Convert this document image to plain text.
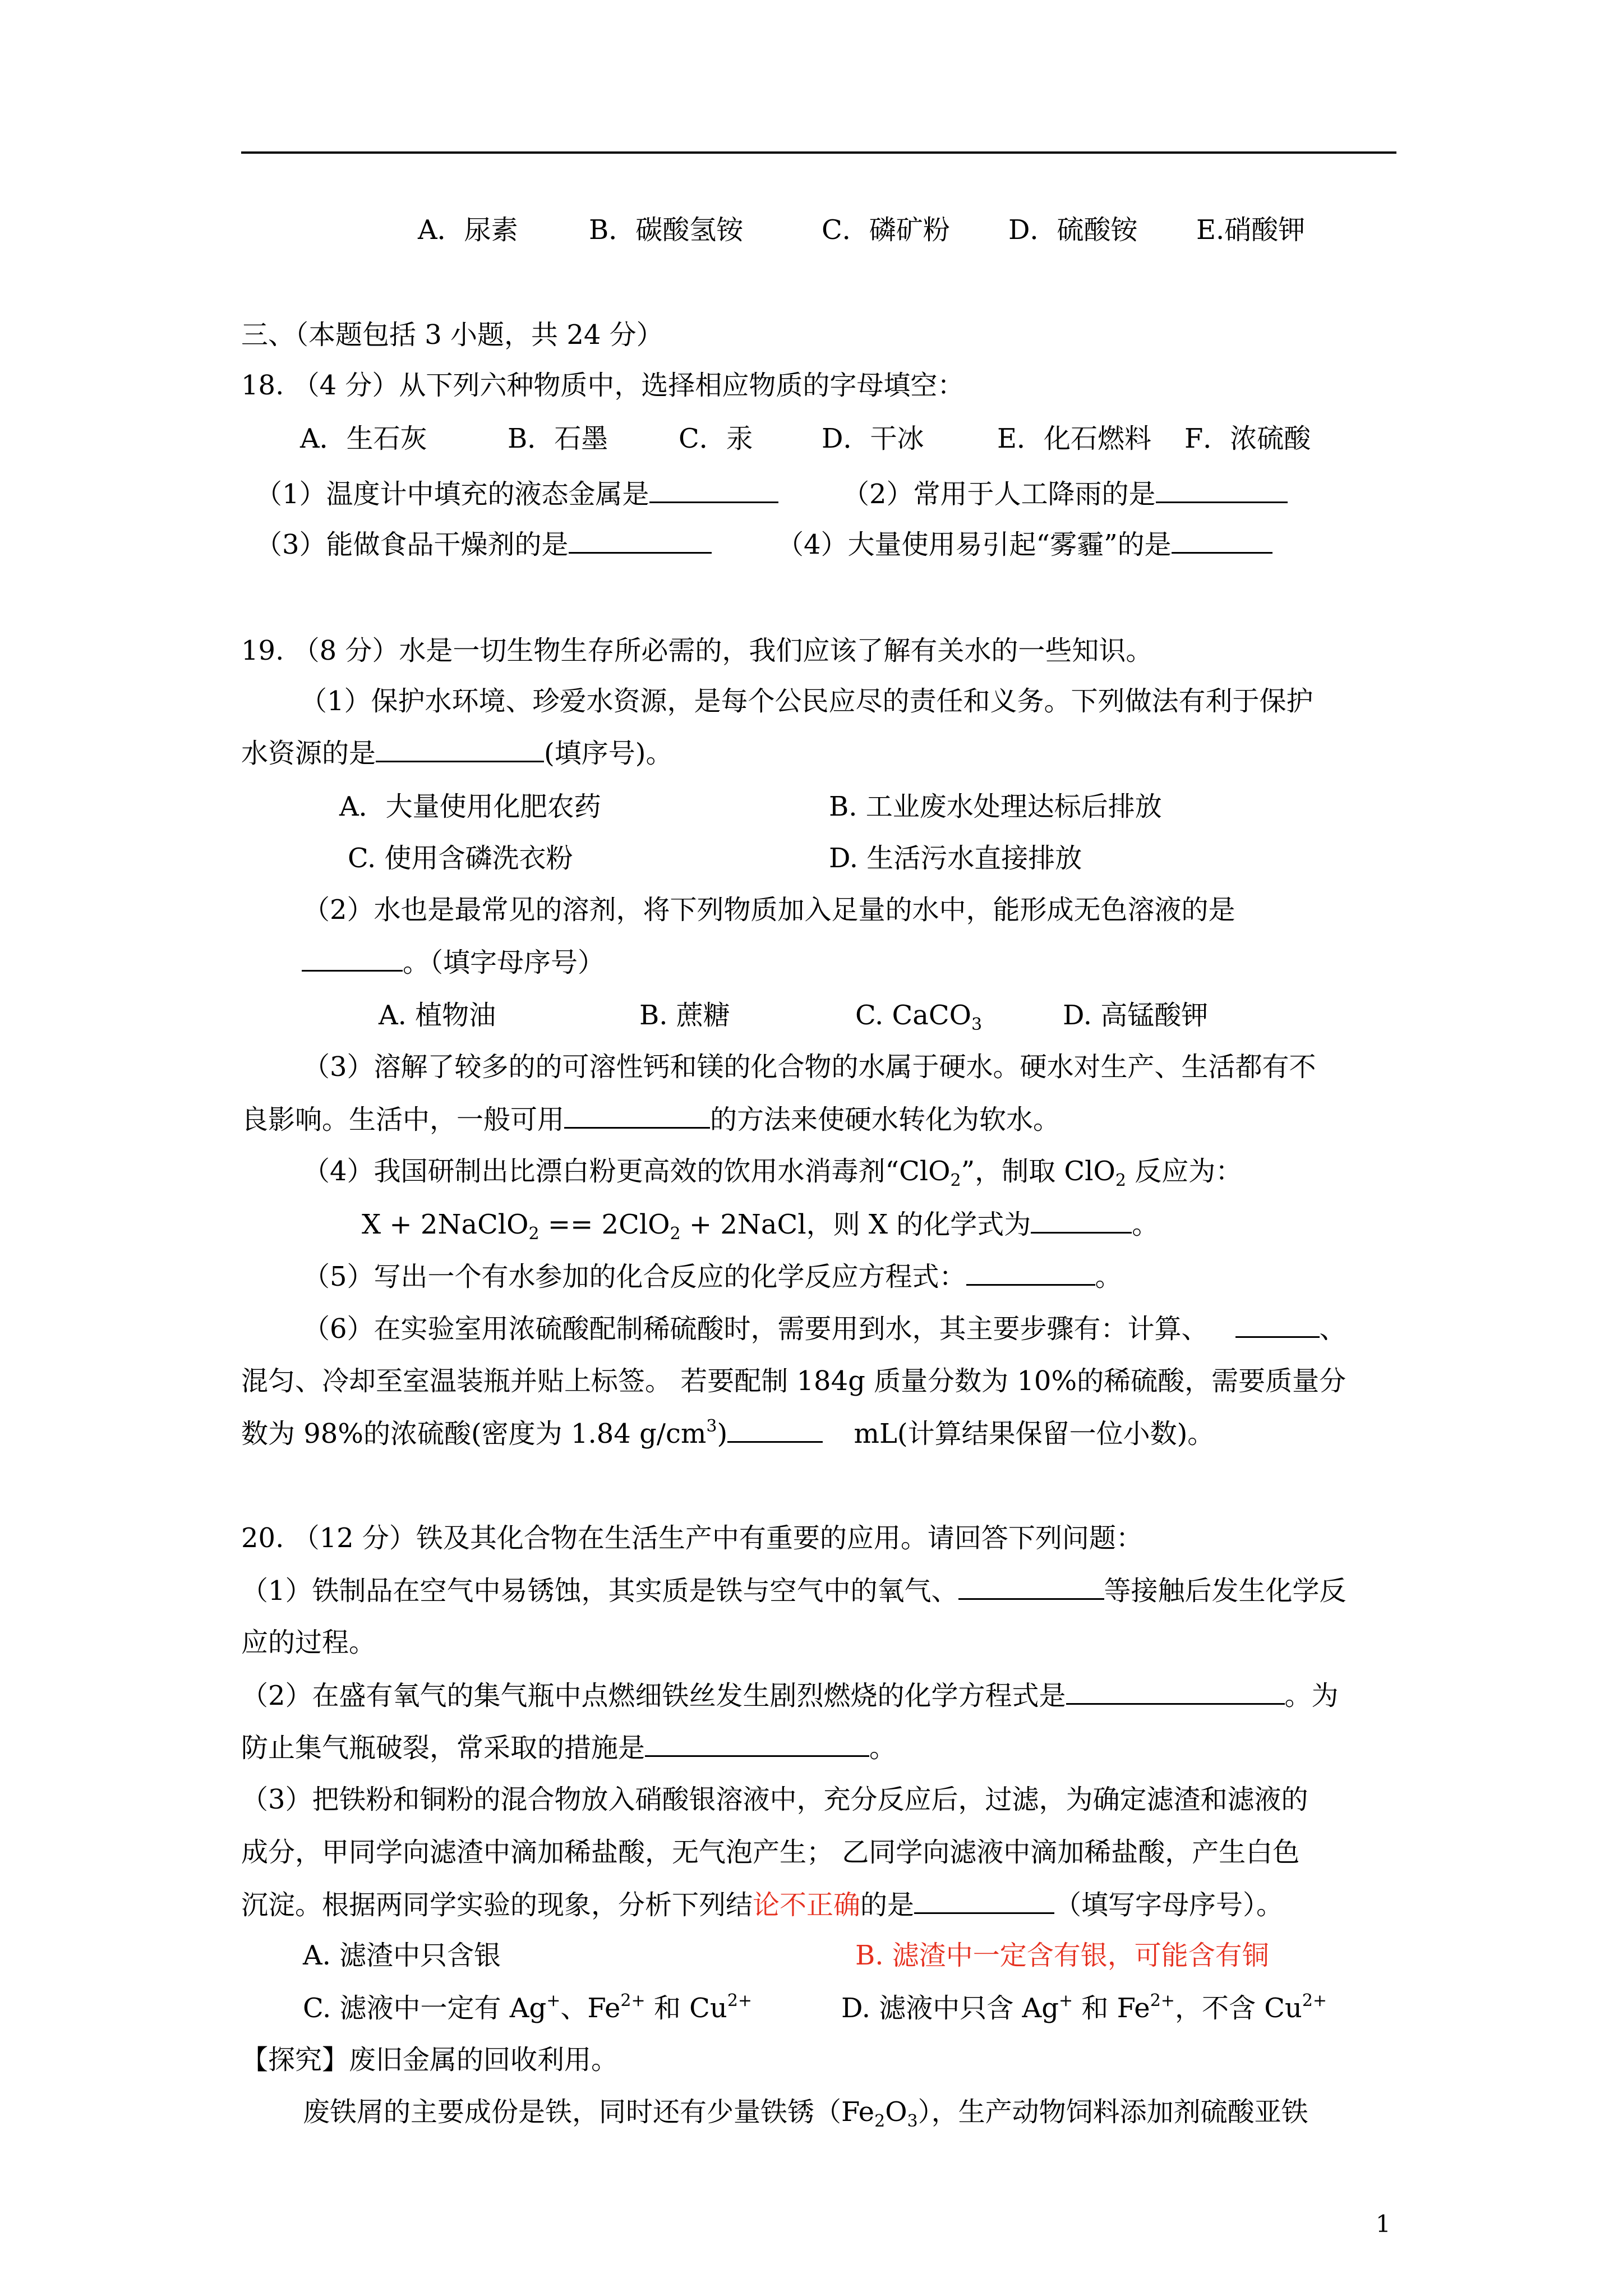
A．尿素	B．碳酸氢铵	C．磷矿粉 D．硫酸铵 E.硝酸钾
三、（本题包括 3 小题，共 24 分）
18. （4 分）从下列六种物质中，选择相应物质的字母填空：
A．生石灰	B．石墨	C．汞	D．干冰	E．化石燃料 F．浓硫酸
（1）温度计中填充的液态金属是	（2）常用于人工降雨的是
（3）能做食品干燥剂的是	（4）大量使用易引起“雾霾”的是
19. （8 分）水是一切生物生存所必需的，我们应该了解有关水的一些知识。
（1）保护水环境、珍爱水资源，是每个公民应尽的责任和义务。下列做法有利于保护
水资源的是	(填序号)。
A．大量使用化肥农药	B. 工业废水处理达标后排放
C. 使用含磷洗衣粉	D. 生活污水直接排放
（2）水也是最常见的溶剂，将下列物质加入足量的水中，能形成无色溶液的是
。（填字母序号）
A. 植物油	B. 蔗糖	C. CaCO$_3$	D. 高锰酸钾
（3）溶解了较多的的可溶性钙和镁的化合物的水属于硬水。硬水对生产、生活都有不
良影响。生活中，一般可用	的方法来使硬水转化为软水。
（4）我国研制出比漂白粉更高效的饮用水消毒剂“ClO$_2$”，制取 ClO$_2$ 反应为：
X + 2NaClO$_2$ == 2ClO$_2$ + 2NaCl，则 X 的化学式为	。
（5）写出一个有水参加的化合反应的化学反应方程式：	。
（6）在实验室用浓硫酸配制稀硫酸时，需要用到水，其主要步骤有：计算、	、
混匀、冷却至室温装瓶并贴上标签。 若要配制 184g 质量分数为 10%的稀硫酸，需要质量分
数为 98%的浓硫酸(密度为 1.84 $g/cm^3$)	mL(计算结果保留一位小数)。
20. （12 分）铁及其化合物在生活生产中有重要的应用。请回答下列问题：
（1）铁制品在空气中易锈蚀，其实质是铁与空气中的氧气、	等接触后发生化学反
应的过程。
（2）在盛有氧气的集气瓶中点燃细铁丝发生剧烈燃烧的化学方程式是	。为
防止集气瓶破裂，常采取的措施是	。
（3）把铁粉和铜粉的混合物放入硝酸银溶液中，充分反应后，过滤，为确定滤渣和滤液的
成分，甲同学向滤渣中滴加稀盐酸，无气泡产生； 乙同学向滤液中滴加稀盐酸，产生白色
沉淀。根据两同学实验的现象，分析下列结论不正确的是	（填写字母序号）。
A. 滤渣中只含银	B. 滤渣中一定含有银，可能含有铜
C. 滤液中一定有 Ag+、$Fe^{2+}$ 和 $Cu^{2+}$	D. 滤液中只含 Ag+ 和 $Fe^{2+}$，不含 $Cu^{2+}$
【探究】废旧金属的回收利用。
废铁屑的主要成份是铁，同时还有少量铁锈$(Fe_2O_3)$，生产动物饲料添加剂硫酸亚铁
1
